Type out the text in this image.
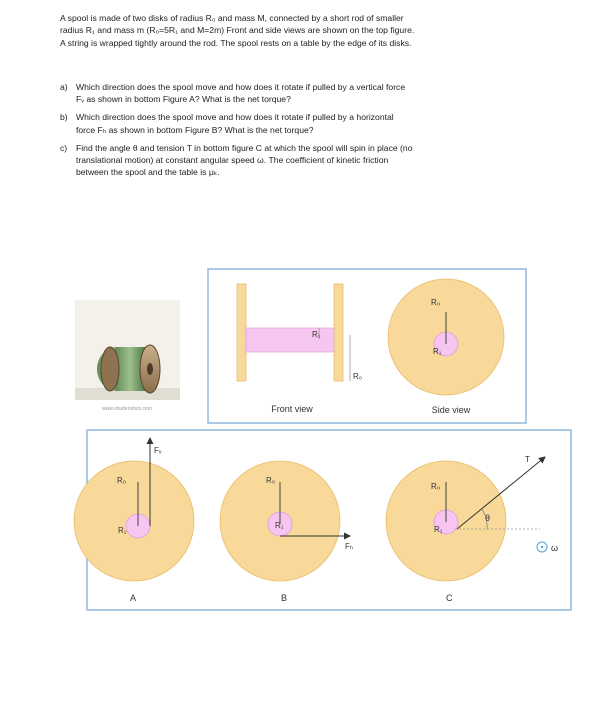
A spool is made of two disks of radius R₀ and mass M, connected by a short rod of smaller

radius R₁ and mass m (R₀=5R₁ and M=2m) Front and side views are shown on the top figure.

A string is wrapped tightly around the rod. The spool rests on a table by the edge of its disks.

a) Which direction does the spool move and how does it rotate if pulled by a vertical force
Fᵥ as shown in bottom Figure A? What is the net torque?
b) Which direction does the spool move and how does it rotate if pulled by a horizontal
force Fₕ as shown in bottom Figure B? What is the net torque?
c)	Find the angle θ and tension T in bottom figure C at which the spool will spin in place (no
translational motion) at constant angular speed ω. The coefficient of kinetic friction
between the spool and the table is μₖ.
www.shutterstock.com
R₁
R₀
Front view
R₀
R₁
Side view
Fᵥ
R₀
R₁
A
Fₕ
R₀
R₁
B
T
θ
R₀
R₁
C
ω
